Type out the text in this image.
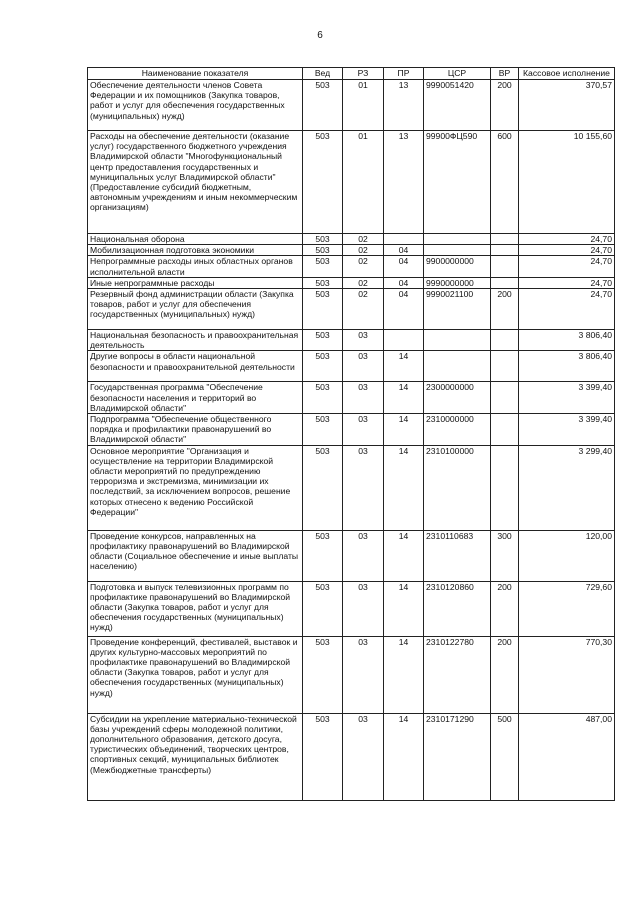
6
Наименование показателя	Вед	РЗ	ПР	ЦСР	ВР	Кассовое исполнение
Обеспечение деятельности членов Совета Федерации и их помощников (Закупка товаров, работ и услуг для обеспечения государственных (муниципальных) нужд)	503	01	13	9990051420	200	370,57
Расходы на обеспечение деятельности (оказание услуг) государственного бюджетного учреждения Владимирской области "Многофункциональный центр предоставления государственных и муниципальных услуг Владимирской области" (Предоставление субсидий бюджетным, автономным учреждениям и иным некоммерческим организациям)	503	01	13	99900ФЦ590	600	10 155,60
Национальная оборона	503	02				24,70
Мобилизационная подготовка экономики	503	02	04			24,70
Непрограммные расходы иных областных органов исполнительной власти	503	02	04	9900000000		24,70
Иные непрограммные расходы	503	02	04	9990000000		24,70
Резервный фонд администрации области (Закупка товаров, работ и услуг для обеспечения государственных (муниципальных) нужд)	503	02	04	9990021100	200	24,70
Национальная безопасность и правоохранительная деятельность	503	03				3 806,40
Другие вопросы в области национальной безопасности и правоохранительной деятельности	503	03	14			3 806,40
Государственная программа "Обеспечение безопасности населения и территорий во Владимирской области"	503	03	14	2300000000		3 399,40
Подпрограмма "Обеспечение общественного порядка и профилактики правонарушений во Владимирской области"	503	03	14	2310000000		3 399,40
Основное мероприятие "Организация и осуществление на территории Владимирской области мероприятий по предупреждению терроризма и экстремизма, минимизации их последствий, за исключением вопросов, решение которых отнесено к ведению Российской Федерации"	503	03	14	2310100000		3 299,40
Проведение конкурсов, направленных на профилактику правонарушений во Владимирской области (Социальное обеспечение и иные выплаты населению)	503	03	14	2310110683	300	120,00
Подготовка и выпуск телевизионных программ по профилактике правонарушений во Владимирской области (Закупка товаров, работ и услуг для обеспечения государственных (муниципальных) нужд)	503	03	14	2310120860	200	729,60
Проведение конференций, фестивалей, выставок и других культурно-массовых мероприятий по профилактике правонарушений во Владимирской области (Закупка товаров, работ и услуг для обеспечения государственных (муниципальных) нужд)	503	03	14	2310122780	200	770,30
Субсидии на укрепление материально-технической базы учреждений сферы молодежной политики, дополнительного образования, детского досуга, туристических объединений, творческих центров, спортивных секций, муниципальных библиотек (Межбюджетные трансферты)	503	03	14	2310171290	500	487,00
